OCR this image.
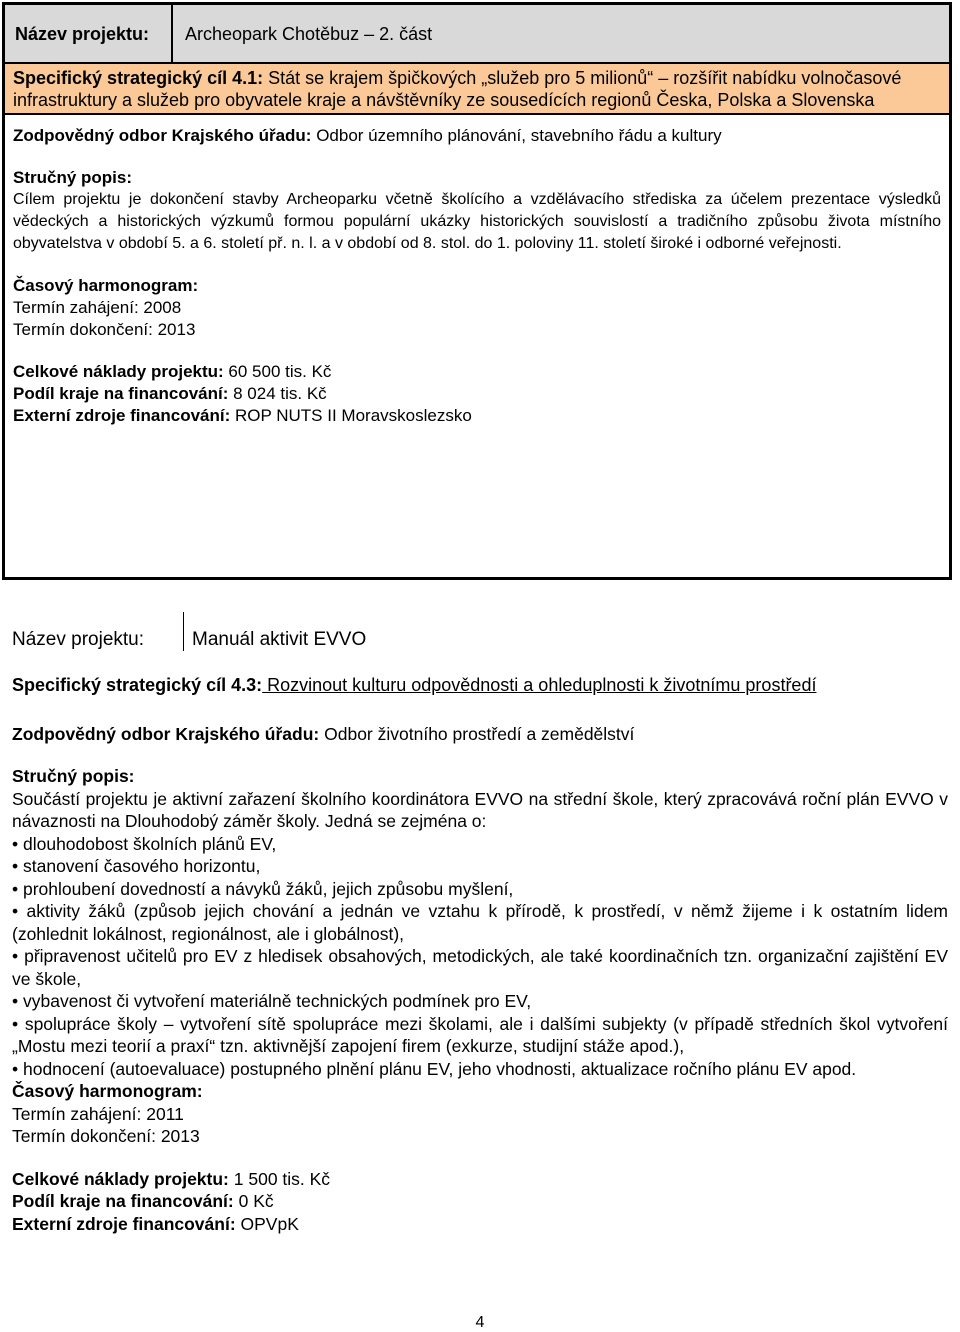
Název projektu:	Archeopark Chotěbuz – 2. část
Specifický strategický cíl 4.1: Stát se krajem špičkových „služeb pro 5 milionů“ – rozšířit nabídku volnočasové infrastruktury a služeb pro obyvatele kraje a návštěvníky ze sousedících regionů Česka, Polska a Slovenska
Zodpovědný odbor Krajského úřadu: Odbor územního plánování, stavebního řádu a kultury
Stručný popis:
Cílem projektu je dokončení stavby Archeoparku včetně školícího a vzdělávacího střediska za účelem prezentace výsledků vědeckých a historických výzkumů formou populární ukázky historických souvislostí a tradičního způsobu života místního obyvatelstva v období 5. a 6. století př. n. l. a v období od 8. stol. do 1. poloviny 11. století široké i odborné veřejnosti.
Časový harmonogram:
Termín zahájení: 2008
Termín dokončení: 2013
Celkové náklady projektu: 60 500 tis. Kč
Podíl kraje na financování: 8 024 tis. Kč
Externí zdroje financování: ROP NUTS II Moravskoslezsko
Název projektu:	Manuál aktivit EVVO
Specifický strategický cíl 4.3: Rozvinout kulturu odpovědnosti a ohleduplnosti k životnímu prostředí
Zodpovědný odbor Krajského úřadu: Odbor životního prostředí a zemědělství
Stručný popis:
Součástí projektu je aktivní zařazení školního koordinátora EVVO na střední škole, který zpracovává roční plán EVVO v návaznosti na Dlouhodobý záměr školy. Jedná se zejména o:
• dlouhodobost školních plánů EV,
• stanovení časového horizontu,
• prohloubení dovedností a návyků žáků, jejich způsobu myšlení,
• aktivity žáků (způsob jejich chování a jednán ve vztahu k přírodě, k prostředí, v němž žijeme i k ostatním lidem (zohlednit lokálnost, regionálnost, ale i globálnost),
• připravenost učitelů pro EV z hledisek obsahových, metodických, ale také koordinačních tzn. organizační zajištění EV ve škole,
• vybavenost či vytvoření materiálně technických podmínek pro EV,
• spolupráce školy – vytvoření sítě spolupráce mezi školami, ale i dalšími subjekty (v případě středních škol vytvoření „Mostu mezi teorií a praxí“ tzn. aktivnější zapojení firem (exkurze, studijní stáže apod.),
• hodnocení (autoevaluace) postupného plnění plánu EV, jeho vhodnosti, aktualizace ročního plánu EV apod.
Časový harmonogram:
Termín zahájení: 2011
Termín dokončení: 2013
Celkové náklady projektu: 1 500 tis. Kč
Podíl kraje na financování: 0 Kč
Externí zdroje financování: OPVpK
4
